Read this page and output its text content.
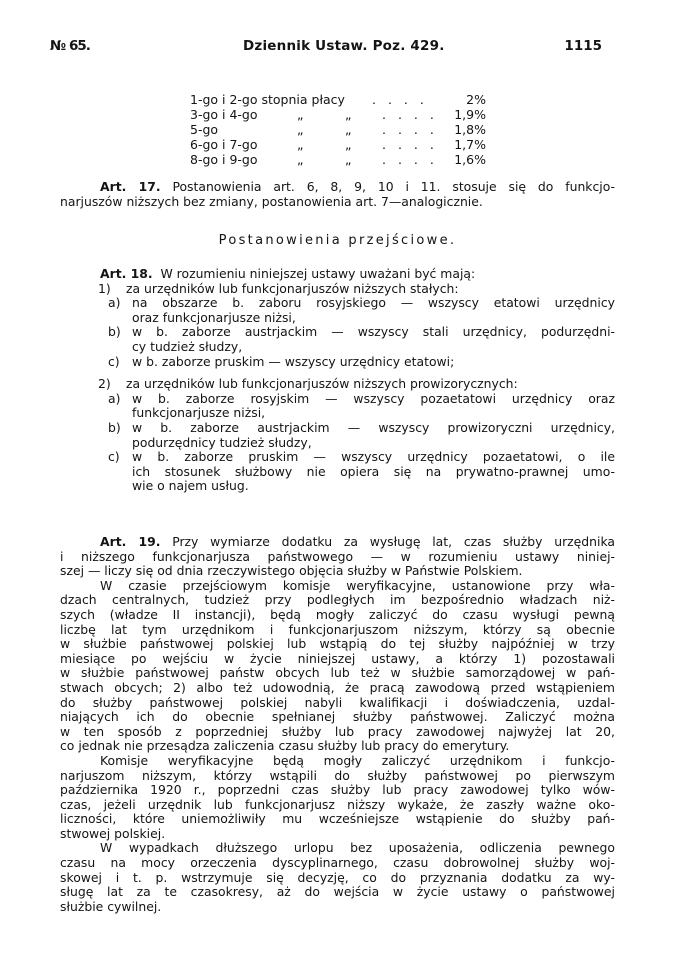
№ 65.	Dziennik Ustaw. Poz. 429.	1115
1-go i 2-go stopnia płacy . . . .	2%
3-go i 4-go	„	„ . . . . 1,9%
5-go	„	„ . . . . 1,8%
6-go i 7-go	„	„ . . . . 1,7%
8-go i 9-go	„	„ . . . . 1,6%
Art. 17. Postanowienia art. 6, 8, 9, 10 i 11. stosuje się do funkcjo-
narjuszów niższych bez zmiany, postanowienia art. 7—analogicznie.
Postanowienia przejściowe.
Art. 18. W rozumieniu niniejszej ustawy uważani być mają:
1) za urzędników lub funkcjonarjuszów niższych stałych:
a) na obszarze b. zaboru rosyjskiego — wszyscy etatowi urzędnicy
oraz funkcjonarjusze niżsi,
b) w b. zaborze austrjackim — wszyscy stali urzędnicy, podurzędni-
cy tudzież słudzy,
c) w b. zaborze pruskim — wszyscy urzędnicy etatowi;
2) za urzędników lub funkcjonarjuszów niższych prowizorycznych:
a) w b. zaborze rosyjskim — wszyscy pozaetatowi urzędnicy oraz
funkcjonarjusze niżsi,
b) w b. zaborze austrjackim — wszyscy prowizoryczni urzędnicy,
podurzędnicy tudzież słudzy,
c) w b. zaborze pruskim — wszyscy urzędnicy pozaetatowi, o ile
ich stosunek służbowy nie opiera się na prywatno-prawnej umo-
wie o najem usług.
Art. 19. Przy wymiarze dodatku za wysługę lat, czas służby urzędnika
i niższego funkcjonarjusza państwowego — w rozumieniu ustawy niniej-
szej — liczy się od dnia rzeczywistego objęcia służby w Państwie Polskiem.
W czasie przejściowym komisje weryfikacyjne, ustanowione przy wła-
dzach centralnych, tudzież przy podległych im bezpośrednio władzach niż-
szych (władze II instancji), będą mogły zaliczyć do czasu wysługi pewną
liczbę lat tym urzędnikom i funkcjonarjuszom niższym, którzy są obecnie
w służbie państwowej polskiej lub wstąpią do tej służby najpóźniej w trzy
miesiące po wejściu w życie niniejszej ustawy, a którzy 1) pozostawali
w służbie państwowej państw obcych lub też w służbie samorządowej w pań-
stwach obcych; 2) albo też udowodnią, że pracą zawodową przed wstąpieniem
do służby państwowej polskiej nabyli kwalifikacji i doświadczenia, uzdal-
niających ich do obecnie spełnianej służby państwowej. Zaliczyć można
w ten sposób z poprzedniej służby lub pracy zawodowej najwyżej lat 20,
co jednak nie przesądza zaliczenia czasu służby lub pracy do emerytury.
Komisje weryfikacyjne będą mogły zaliczyć urzędnikom i funkcjo-
narjuszom niższym, którzy wstąpili do służby państwowej po pierwszym
października 1920 r., poprzedni czas służby lub pracy zawodowej tylko wów-
czas, jeżeli urzędnik lub funkcjonarjusz niższy wykaże, że zaszły ważne oko-
liczności, które uniemożliwiły mu wcześniejsze wstąpienie do służby pań-
stwowej polskiej.
W wypadkach dłuższego urlopu bez uposażenia, odliczenia pewnego
czasu na mocy orzeczenia dyscyplinarnego, czasu dobrowolnej służby woj-
skowej i t. p. wstrzymuje się decyzję, co do przyznania dodatku za wy-
sługę lat za te czasokresy, aż do wejścia w życie ustawy o państwowej
służbie cywilnej.
